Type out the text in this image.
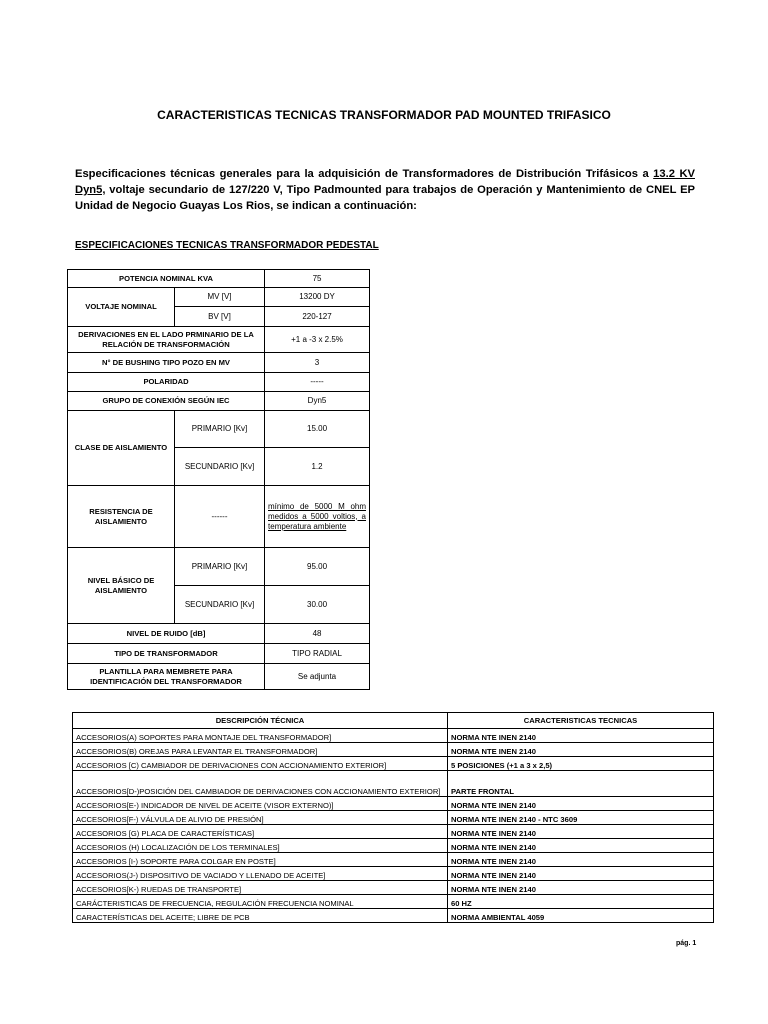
CARACTERISTICAS TECNICAS TRANSFORMADOR PAD MOUNTED TRIFASICO
Especificaciones técnicas generales para la adquisición de Transformadores de Distribución Trifásicos a 13.2 KV Dyn5, voltaje secundario de 127/220 V, Tipo Padmounted para trabajos de Operación y Mantenimiento de CNEL EP Unidad de Negocio Guayas Los Rios, se indican a continuación:
ESPECIFICACIONES TECNICAS TRANSFORMADOR PEDESTAL
POTENCIA NOMINAL KVA		75
VOLTAJE NOMINAL	MV [V]	13200 DY
	BV [V]	220-127
DERIVACIONES EN EL LADO PRMINARIO DE LA RELACIÓN DE TRANSFORMACIÓN		+1 a -3 x 2.5%
N° DE BUSHING TIPO POZO EN MV		3
POLARIDAD		-----
GRUPO DE CONEXIÓN SEGÚN IEC		Dyn5
CLASE DE AISLAMIENTO	PRIMARIO [Kv]	15.00
	SECUNDARIO [Kv]	1.2
RESISTENCIA DE AISLAMIENTO	------	mínimo de 5000 M ohm medidos a 5000 voltios, a temperatura ambiente
NIVEL BÁSICO DE AISLAMIENTO	PRIMARIO [Kv]	95.00
	SECUNDARIO [Kv]	30.00
NIVEL DE RUIDO [dB]		48
TIPO DE TRANSFORMADOR		TIPO RADIAL
PLANTILLA PARA MEMBRETE PARA IDENTIFICACIÓN DEL TRANSFORMADOR		Se adjunta
DESCRIPCIÓN TÉCNICA	CARACTERISTICAS TECNICAS
ACCESORIOS(A) SOPORTES PARA MONTAJE DEL TRANSFORMADOR]	NORMA NTE INEN 2140
ACCESORIOS(B) OREJAS PARA LEVANTAR EL TRANSFORMADOR]	NORMA NTE INEN 2140
ACCESORIOS [C) CAMBIADOR DE DERIVACIONES CON ACCIONAMIENTO EXTERIOR]	5 POSICIONES (+1 a 3 x 2,5)
ACCESORIOS[D-)POSICIÓN DEL CAMBIADOR DE DERIVACIONES CON ACCIONAMIENTO EXTERIOR]	PARTE FRONTAL
ACCESORIOS[E-) INDICADOR DE NIVEL DE ACEITE (VISOR EXTERNO)]	NORMA NTE INEN 2140
ACCESORIOS[F-) VÁLVULA DE ALIVIO DE PRESIÓN]	NORMA NTE INEN 2140 - NTC 3609
ACCESORIOS [G) PLACA DE CARACTERÍSTICAS]	NORMA NTE INEN 2140
ACCESORIOS (H) LOCALIZACIÓN DE LOS TERMINALES]	NORMA NTE INEN 2140
ACCESORIOS [I-) SOPORTE PARA COLGAR EN POSTE]	NORMA NTE INEN 2140
ACCESORIOS(J-) DISPOSITIVO DE VACIADO Y LLENADO DE ACEITE]	NORMA NTE INEN 2140
ACCESORIOS[K-) RUEDAS DE TRANSPORTE]	NORMA NTE INEN 2140
CARÁCTERISTICAS DE FRECUENCIA, REGULACIÓN FRECUENCIA NOMINAL	60 HZ
CARACTERÍSTICAS DEL ACEITE; LIBRE DE PCB	NORMA AMBIENTAL 4059
pág. 1
